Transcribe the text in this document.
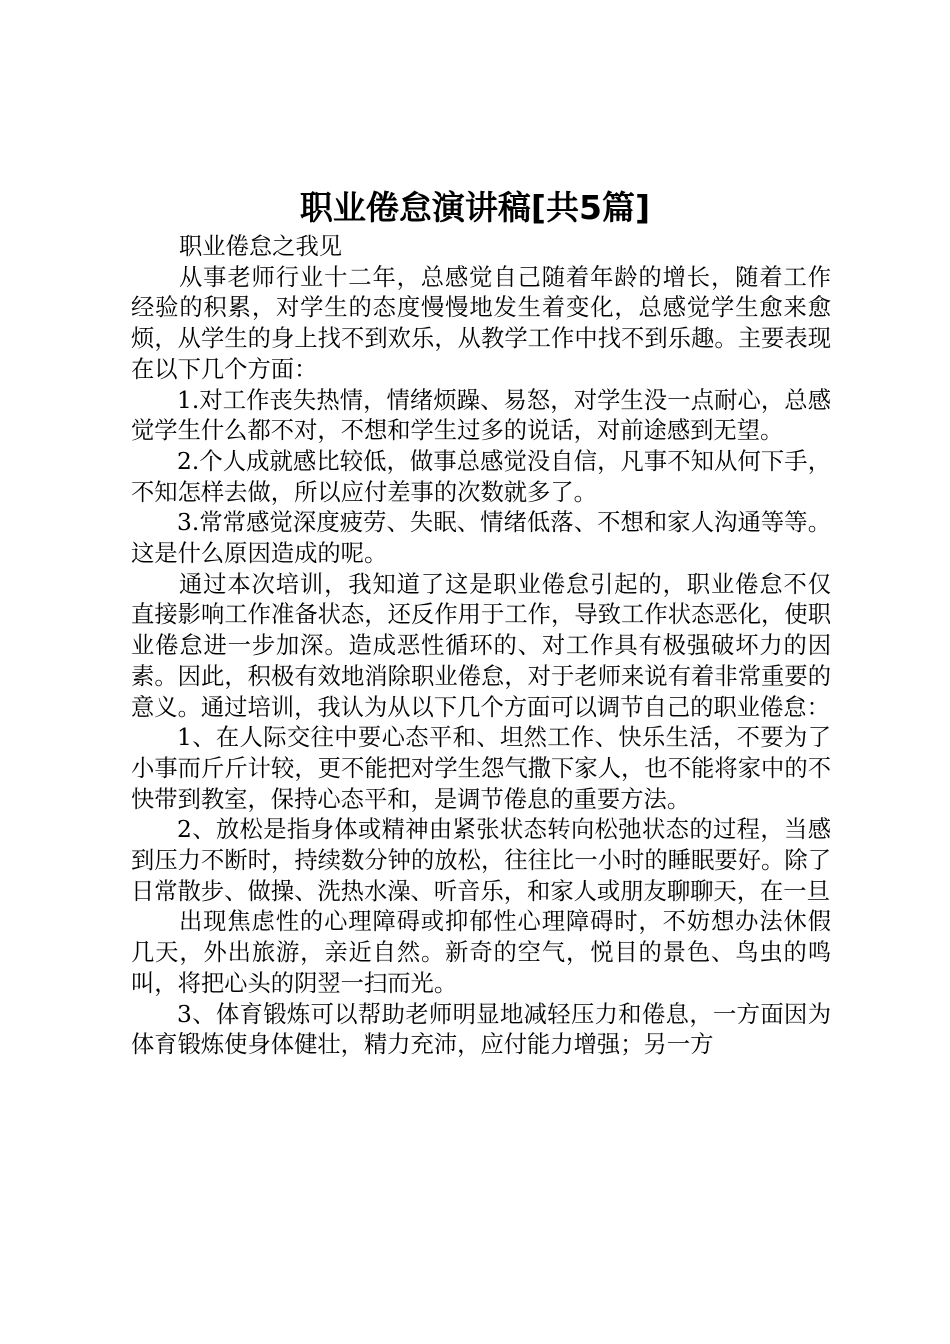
职业倦怠演讲稿[共5篇]

职业倦怠之我见

从事老师行业十二年，总感觉自己随着年龄的增长，随着工作经验的积累，对学生的态度慢慢地发生着变化，总感觉学生愈来愈烦，从学生的身上找不到欢乐，从教学工作中找不到乐趣。主要表现在以下几个方面：

1.对工作丧失热情，情绪烦躁、易怒，对学生没一点耐心，总感觉学生什么都不对，不想和学生过多的说话，对前途感到无望。

2.个人成就感比较低，做事总感觉没自信，凡事不知从何下手，不知怎样去做，所以应付差事的次数就多了。

3.常常感觉深度疲劳、失眠、情绪低落、不想和家人沟通等等。这是什么原因造成的呢。

通过本次培训，我知道了这是职业倦怠引起的，职业倦怠不仅直接影响工作准备状态，还反作用于工作，导致工作状态恶化，使职业倦怠进一步加深。造成恶性循环的、对工作具有极强破坏力的因素。因此，积极有效地消除职业倦怠，对于老师来说有着非常重要的意义。通过培训，我认为从以下几个方面可以调节自己的职业倦怠：

1、在人际交往中要心态平和、坦然工作、快乐生活，不要为了小事而斤斤计较，更不能把对学生怨气撒下家人，也不能将家中的不快带到教室，保持心态平和，是调节倦息的重要方法。

2、放松是指身体或精神由紧张状态转向松弛状态的过程，当感到压力不断时，持续数分钟的放松，往往比一小时的睡眠要好。除了日常散步、做操、洗热水澡、听音乐，和家人或朋友聊聊天，在一旦

出现焦虑性的心理障碍或抑郁性心理障碍时，不妨想办法休假几天，外出旅游，亲近自然。新奇的空气，悦目的景色、鸟虫的鸣叫，将把心头的阴翌一扫而光。

3、体育锻炼可以帮助老师明显地减轻压力和倦息，一方面因为体育锻炼使身体健壮，精力充沛，应付能力增强；另一方
